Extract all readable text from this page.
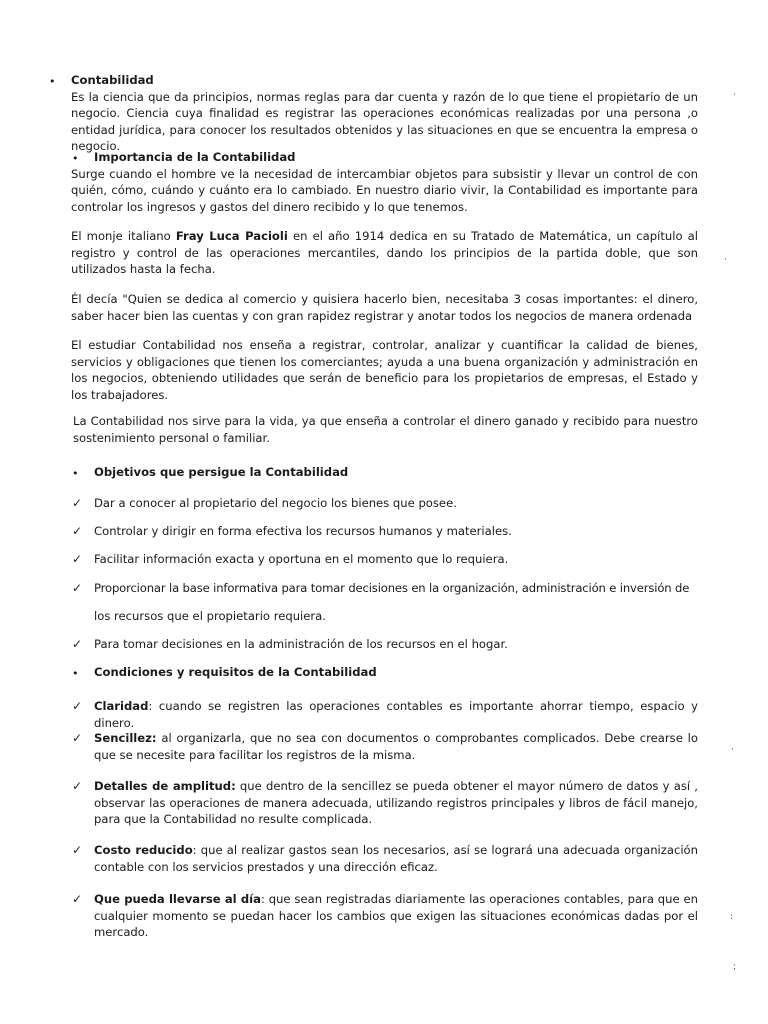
• Contabilidad
Es la ciencia que da principios, normas reglas para dar cuenta y razón de lo que tiene el propietario de un negocio. Ciencia cuya finalidad es registrar las operaciones económicas realizadas por una persona ,o entidad jurídica, para conocer los resultados obtenidos y las situaciones en que se encuentra la empresa o negocio.
•	Importancia de la Contabilidad
Surge cuando el hombre ve la necesidad de intercambiar objetos para subsistir y llevar un control de con quién, cómo, cuándo y cuánto era lo cambiado. En nuestro diario vivir, la Contabilidad es importante para controlar los ingresos y gastos del dinero recibido y lo que tenemos.
El monje italiano Fray Luca Pacioli en el año 1914 dedica en su Tratado de Matemática, un capítulo al registro y control de las operaciones mercantiles, dando los principios de la partida doble, que son utilizados hasta la fecha.
Él decía "Quien se dedica al comercio y quisiera hacerlo bien, necesitaba 3 cosas importantes: el dinero, saber hacer bien las cuentas y con gran rapidez registrar y anotar todos los negocios de manera ordenada
El estudiar Contabilidad nos enseña a registrar, controlar, analizar y cuantificar la calidad de bienes, servicios y obligaciones que tienen los comerciantes; ayuda a una buena organización y administración en los negocios, obteniendo utilidades que serán de beneficio para los propietarios de empresas, el Estado y los trabajadores.
La Contabilidad nos sirve para la vida, ya que enseña a controlar el dinero ganado y recibido para nuestro sostenimiento personal o familiar.
• Objetivos que persigue la Contabilidad
✓ Dar a conocer al propietario del negocio los bienes que posee.
✓ Controlar y dirigir en forma efectiva los recursos humanos y materiales.
✓ Facilitar información exacta y oportuna en el momento que lo requiera.
✓ Proporcionar la base informativa para tomar decisiones en la organización, administración e inversión de
los recursos que el propietario requiera.
✓ Para tomar decisiones en la administración de los recursos en el hogar.
• Condiciones y requisitos de la Contabilidad
✓ Claridad: cuando se registren las operaciones contables es importante ahorrar tiempo, espacio y dinero.
✓ Sencillez: al organizarla, que no sea con documentos o comprobantes complicados. Debe crearse lo que se necesite para facilitar los registros de la misma.
✓ Detalles de amplitud: que dentro de la sencillez se pueda obtener el mayor número de datos y así , observar las operaciones de manera adecuada, utilizando registros principales y libros de fácil manejo, para que la Contabilidad no resulte complicada.
✓ Costo reducido: que al realizar gastos sean los necesarios, así se logrará una adecuada organización contable con los servicios prestados y una dirección eficaz.
✓ Que pueda llevarse al día: que sean registradas diariamente las operaciones contables, para que en cualquier momento se puedan hacer los cambios que exigen las situaciones económicas dadas por el mercado.
·
·
·
:
;
